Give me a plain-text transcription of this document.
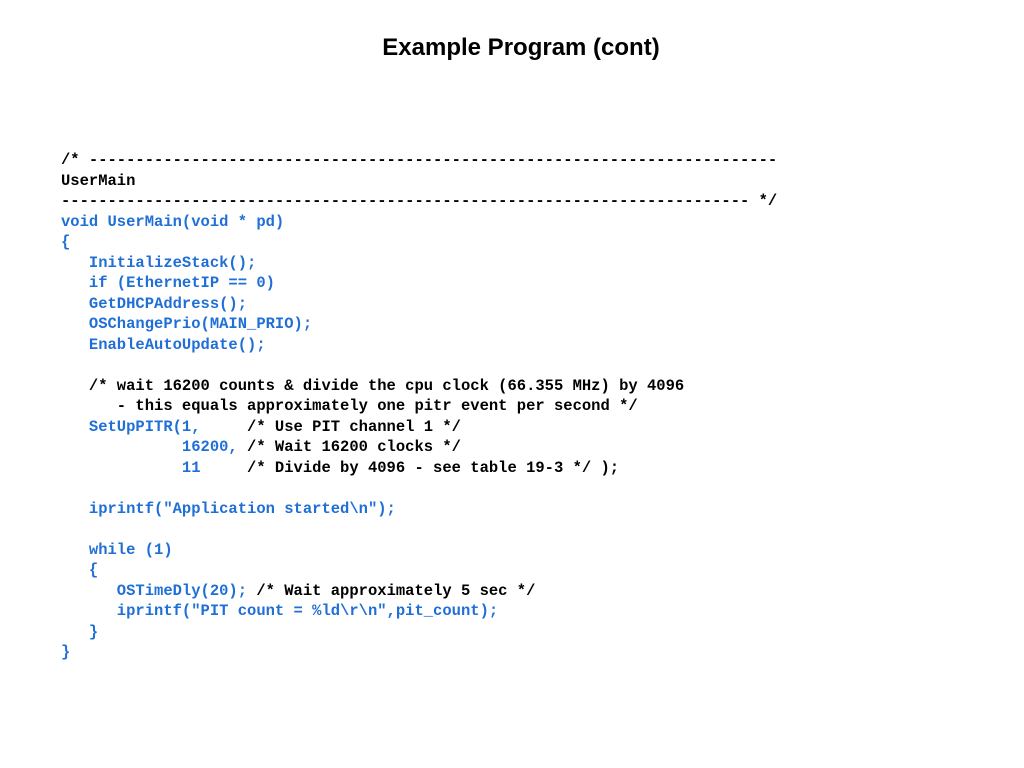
Example Program (cont)
/* --------------------------------------------------------------------------
UserMain
-------------------------------------------------------------------------- */
void UserMain(void * pd)
{
InitializeStack();
if (EthernetIP == 0)
GetDHCPAddress();
OSChangePrio(MAIN_PRIO);
EnableAutoUpdate();
/* wait 16200 counts & divide the cpu clock (66.355 MHz) by 4096
- this equals approximately one pitr event per second */
SetUpPITR(1,     /* Use PIT channel 1 */
16200, /* Wait 16200 clocks */
11     /* Divide by 4096 - see table 19-3 */ );
iprintf("Application started\n");
while (1)
{
OSTimeDly(20); /* Wait approximately 5 sec */
iprintf("PIT count = %ld\r\n",pit_count);
}
}
